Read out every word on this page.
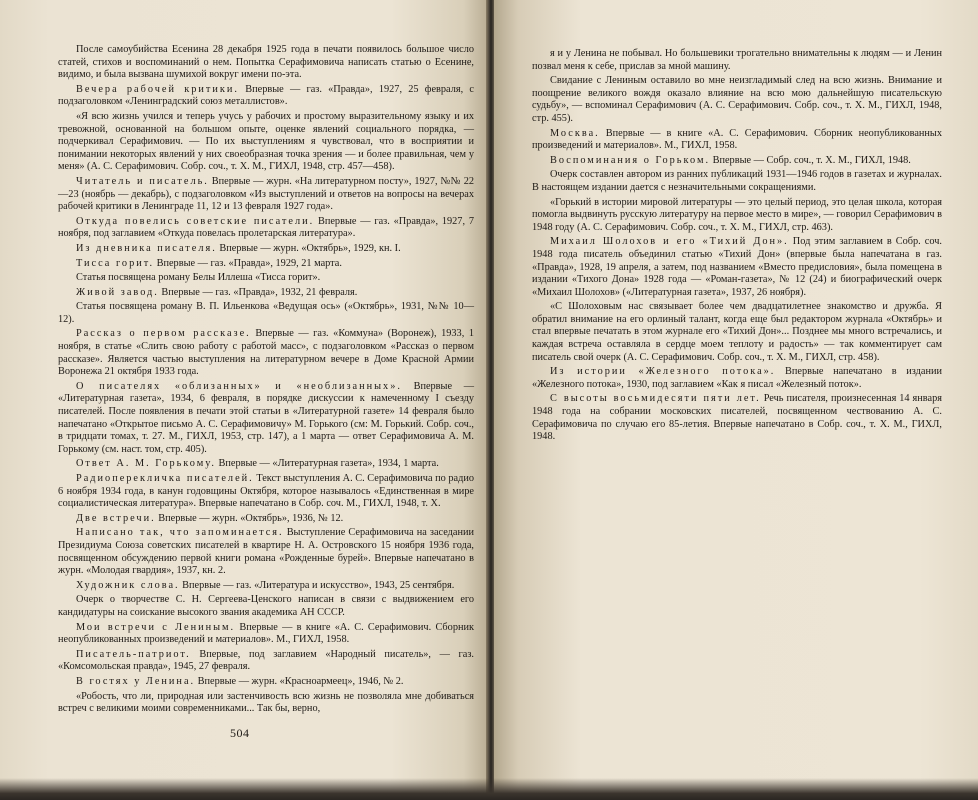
После самоубийства Есенина 28 декабря 1925 года в печати появилось большое число статей, стихов и воспоминаний о нем. Попытка Серафимовича написать статью о Есенине, видимо, и была вызвана шумихой вокруг имени по-эта.

Вечера рабочей критики. Впервые — газ. «Правда», 1927, 25 февраля, с подзаголовком «Ленинградский союз металлистов».

«Я всю жизнь учился и теперь учусь у рабочих и простому выразительному языку и их тревожной, основанной на большом опыте, оценке явлений социального порядка, — подчеркивал Серафимович. — По их выступлениям я чувствовал, что в восприятии и понимании некоторых явлений у них своеобразная точка зрения — и более правильная, чем у меня» (А. С. Серафимович. Собр. соч., т. Х. М., ГИХЛ, 1948, стр. 457—458).

Читатель и писатель. Впервые — журн. «На литературном посту», 1927, №№ 22—23 (ноябрь — декабрь), с подзаголовком «Из выступлений и ответов на вопросы на вечерах рабочей критики в Ленинграде 11, 12 и 13 февраля 1927 года».

Откуда повелись советские писатели. Впервые — газ. «Правда», 1927, 7 ноября, под заглавием «Откуда повелась пролетарская литература».

Из дневника писателя. Впервые — журн. «Октябрь», 1929, кн. I.

Тисса горит. Впервые — газ. «Правда», 1929, 21 марта.

Статья посвящена роману Белы Иллеша «Тисса горит».

Живой завод. Впервые — газ. «Правда», 1932, 21 февраля.

Статья посвящена роману В. П. Ильенкова «Ведущая ось» («Октябрь», 1931, №№ 10—12).

Рассказ о первом рассказе. Впервые — газ. «Коммуна» (Воронеж), 1933, 1 ноября, в статье «Слить свою работу с работой масс», с подзаголовком «Рассказ о первом рассказе». Является частью выступления на литературном вечере в Доме Красной Армии Воронежа 21 октября 1933 года.

О писателях «облизанных» и «необлизанных». Впервые — «Литературная газета», 1934, 6 февраля, в порядке дискуссии к намеченному I съезду писателей. После появления в печати этой статьи в «Литературной газете» 14 февраля было напечатано «Открытое письмо А. С. Серафимовичу» М. Горького (см: М. Горький. Собр. соч., в тридцати томах, т. 27. М., ГИХЛ, 1953, стр. 147), а 1 марта — ответ Серафимовича А. М. Горькому (см. наст. том, стр. 405).

Ответ А. М. Горькому. Впервые — «Литературная газета», 1934, 1 марта.

Радиоперекличка писателей. Текст выступления А. С. Серафимовича по радио 6 ноября 1934 года, в канун годовщины Октября, которое называлось «Единственная в мире социалистическая литература». Впервые напечатано в Собр. соч. М., ГИХЛ, 1948, т. Х.

Две встречи. Впервые — журн. «Октябрь», 1936, № 12.

Написано так, что запоминается. Выступление Серафимовича на заседании Президиума Союза советских писателей в квартире Н. А. Островского 15 ноября 1936 года, посвященном обсуждению первой книги романа «Рожденные бурей». Впервые напечатано в журн. «Молодая гвардия», 1937, кн. 2.

Художник слова. Впервые — газ. «Литература и искусство», 1943, 25 сентября.

Очерк о творчестве С. Н. Сергеева-Ценского написан в связи с выдвижением его кандидатуры на соискание высокого звания академика АН СССР.

Мои встречи с Лениным. Впервые — в книге «А. С. Серафимович. Сборник неопубликованных произведений и материалов». М., ГИХЛ, 1958.

Писатель-патриот. Впервые, под заглавием «Народный писатель», — газ. «Комсомольская правда», 1945, 27 февраля.

В гостях у Ленина. Впервые — журн. «Красноармеец», 1946, № 2.

«Робость, что ли, природная или застенчивость всю жизнь не позволяла мне добиваться встреч с великими моими современниками... Так бы, верно,

504

я и у Ленина не побывал. Но большевики трогательно внимательны к людям — и Ленин позвал меня к себе, прислав за мной машину.

Свидание с Лениным оставило во мне неизгладимый след на всю жизнь. Внимание и поощрение великого вождя оказало влияние на всю мою дальнейшую писательскую судьбу», — вспоминал Серафимович (А. С. Серафимович. Собр. соч., т. Х. М., ГИХЛ, 1948, стр. 455).

Москва. Впервые — в книге «А. С. Серафимович. Сборник неопубликованных произведений и материалов». М., ГИХЛ, 1958.

Воспоминания о Горьком. Впервые — Собр. соч., т. Х. М., ГИХЛ, 1948.

Очерк составлен автором из ранних публикаций 1931—1946 годов в газетах и журналах. В настоящем издании дается с незначительными сокращениями.

«Горький в истории мировой литературы — это целый период, это целая школа, которая помогла выдвинуть русскую литературу на первое место в мире», — говорил Серафимович в 1948 году (А. С. Серафимович. Собр. соч., т. Х. М., ГИХЛ, стр. 463).

Михаил Шолохов и его «Тихий Дон». Под этим заглавием в Собр. соч. 1948 года писатель объединил статью «Тихий Дон» (впервые была напечатана в газ. «Правда», 1928, 19 апреля, а затем, под названием «Вместо предисловия», была помещена в издании «Тихого Дона» 1928 года — «Роман-газета», № 12 (24) и биографический очерк «Михаил Шолохов» («Литературная газета», 1937, 26 ноября).

«С Шолоховым нас связывает более чем двадцатилетнее знакомство и дружба. Я обратил внимание на его орлиный талант, когда еще был редактором журнала «Октябрь» и стал впервые печатать в этом журнале его «Тихий Дон»... Позднее мы много встречались, и каждая встреча оставляла в сердце моем теплоту и радость» — так комментирует сам писатель свой очерк (А. С. Серафимович. Собр. соч., т. Х. М., ГИХЛ, стр. 458).

Из истории «Железного потока». Впервые напечатано в издании «Железного потока», 1930, под заглавием «Как я писал «Железный поток».

С высоты восьмидесяти пяти лет. Речь писателя, произнесенная 14 января 1948 года на собрании московских писателей, посвященном чествованию А. С. Серафимовича по случаю его 85-летия. Впервые напечатано в Собр. соч., т. Х. М., ГИХЛ, 1948.
